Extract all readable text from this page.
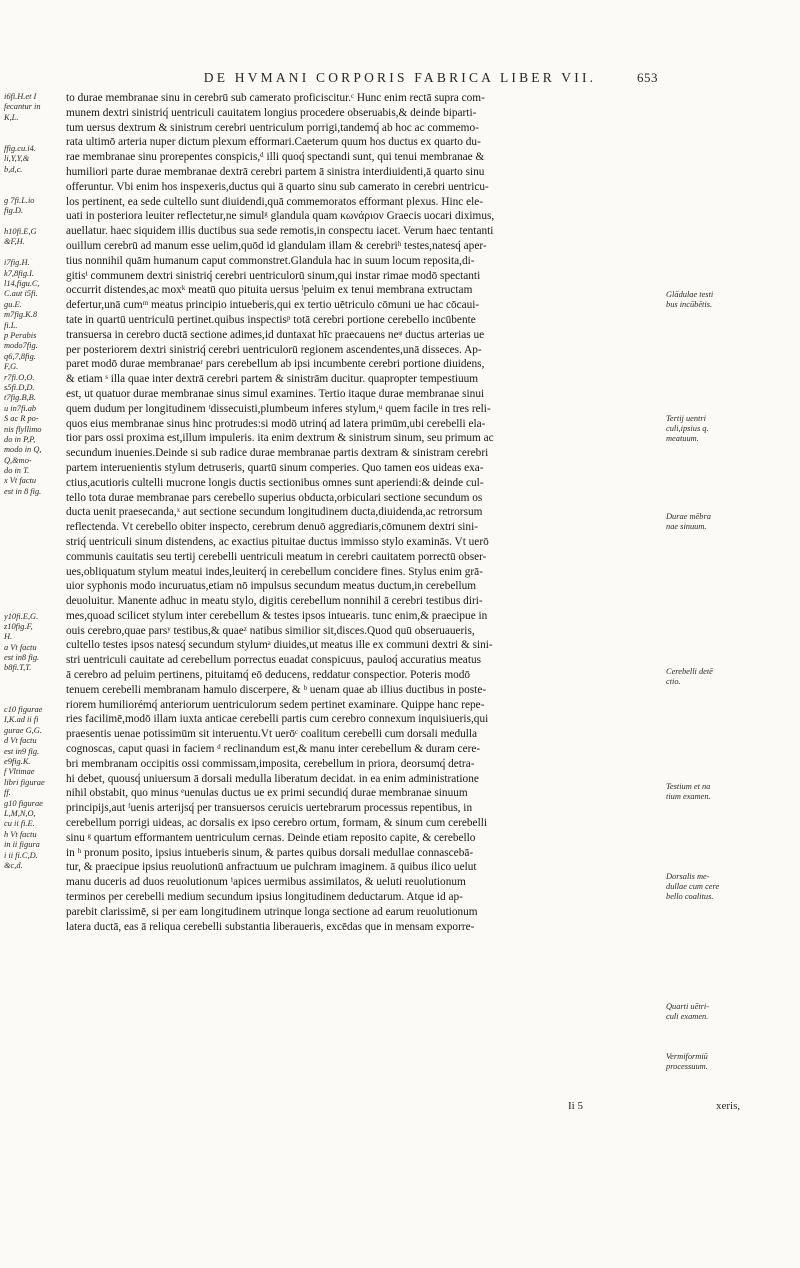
DE HVMANI CORPORIS FABRICA LIBER VII.	653
i6fi.H.et I
fecantur in
K,L.
ffig.cu.i4.
li,Y,Y,&
b,d,c.
g 7fi.L.io
fig.D.
h10fi.E,G
&F,H.
i7fig.H.
k7,8fig.I.
l14,figu.C,
C.aut i5fi.
gu.E.
m7fig.K.8
fi.L.
p Perabis
modo7fig.
q6,7,8fig.
F,G.
r7fi.O,O.
s5fi.D,D.
t7fig.B,B.
u in7fi.ab
S ac R po-
nis flyllimo
do in P,P,
modo in Q,
Q,&mo-
do in T.
x Vt factu
est in 8 fig.
y10fi.E,G.
z10fig.F,
H.
a Vt factu
est in8 fig.
b8fi.T,T.
c10 figurae
I,K.ad ii fi
gurae G,G.
d Vt factu
est in9 fig.
e9fig.K.
f Vltimae
libri figurae
ff.
g10 figurae
L,M,N,O,
cu ii fi.E.
h Vt factu
in ii figura
i ii fi.C,D.
&c,d.
to durae membranae sinu in cerebrū sub camerato proficiscitur.ᶜ Hunc enim rectā supra com-
munem dextri sinistriq́ uentriculi cauitatem longius procedere obseruabis,& deinde biparti-
tum uersus dextrum & sinistrum cerebri uentriculum porrigi,tandemq́ ab hoc ac commemo-
rata ultimō arteria nuper dictum plexum efformari.Caeterum quum hos ductus ex quarto du-
rae membranae sinu prorepentes conspicis,ᵈ illi quoq́ spectandi sunt, qui tenui membranae &
humiliori parte durae membranae dextrā cerebri partem ā sinistra interdiuidenti,ā quarto sinu
offeruntur. Vbi enim hos inspexeris,ductus qui ā quarto sinu sub camerato in cerebri uentricu-
los pertinent, ea sede cultello sunt diuidendi,quā commemoratos efformant plexus. Hinc ele-
uati in posteriora leuiter reflectetur,ne simulᵍ glandula quam κωνάριον Graecis uocari diximus,
auellatur. haec siquidem illis ductibus sua sede remotis,in conspectu iacet. Verum haec tentanti
ouillum cerebrū ad manum esse uelim,quōd id glandulam illam & cerebriʰ testes,natesq́ aper-
tius nonnihil quām humanum caput commonstret.Glandula hac in suum locum reposita,di-
gitisⁱ communem dextri sinistriq́ cerebri uentriculorū sinum,qui instar rimae modō spectanti
occurrit distendes,ac moxᵏ meatū quo pituita uersus ˡpeluim ex tenui membrana extructam
defertur,unā cumᵐ meatus principio intueberis,qui ex tertio uētriculo cōmuni ue hac cōcaui-
tate in quartū uentriculū pertinet.quibus inspectisᵖ totā cerebri portione cerebello incūbente
transuersa in cerebro ductā sectione adimes,id duntaxat hīc praecauens neᵠ ductus arterias ue
per posteriorem dextri sinistriq́ cerebri uentriculorū regionem ascendentes,unā disseces. Ap-
paret modō durae membranaeʳ pars cerebellum ab ipsi incumbente cerebri portione diuidens,
& etiam ˢ illa quae inter dextrā cerebri partem & sinistrām ducitur. quapropter tempestiuum
est, ut quatuor durae membranae sinus simul examines. Tertio itaque durae membranae sinui
quem dudum per longitudinem ᵗdissecuisti,plumbeum inferes stylum,ᵘ quem facile in tres reli-
quos eius membranae sinus hinc protrudes:si modō utrinq́ ad latera primūm,ubi cerebelli ela-
tior pars ossi proxima est,illum impuleris. ita enim dextrum & sinistrum sinum, seu primum ac
secundum inuenies.Deinde si sub radice durae membranae partis dextram & sinistram cerebri
partem interuenientis stylum detruseris, quartū sinum comperies. Quo tamen eos uideas exa-
ctius,acutioris cultelli mucrone longis ductis sectionibus omnes sunt aperiendi:& deinde cul-
tello tota durae membranae pars cerebello superius obducta,orbiculari sectione secundum os
ducta uenit praesecanda,ˣ aut sectione secundum longitudinem ducta,diuidenda,ac retrorsum
reflectenda. Vt cerebello obiter inspecto, cerebrum denuō aggrediaris,cōmunem dextri sini-
striq́ uentriculi sinum distendens, ac exactius pituitae ductus immisso stylo examinās. Vt uerō
communis cauitatis seu tertij cerebelli uentriculi meatum in cerebri cauitatem porrectū obser-
ues,obliquatum stylum meatui indes,leuiterq́ in cerebellum concidere fines. Stylus enim grā-
uior syphonis modo incuruatus,etiam nō impulsus secundum meatus ductum,in cerebellum
deuoluitur. Manente adhuc in meatu stylo, digitis cerebellum nonnihil ā cerebri testibus diri-
mes,quoad scilicet stylum inter cerebellum & testes ipsos intuearis. tunc enim,& praecipue in
ouis cerebro,quae parsʸ testibus,& quaeᶻ natibus similior sit,disces.Quod quū obseruaueris,
cultello testes ipsos natesq́ secundum stylumᵃ diuides,ut meatus ille ex communi dextri & sini-
stri uentriculi cauitate ad cerebellum porrectus euadat conspicuus, pauloq́ accuratius meatus
ā cerebro ad peluim pertinens, pituitamq́ eō deducens, reddatur conspectior. Poteris modō
tenuem cerebelli membranam hamulo discerpere, & ᵇ uenam quae ab illius ductibus in poste-
riorem humiliorémq́ anteriorum uentriculorum sedem pertinet examinare. Quippe hanc repe-
ries facilimē,modō illam iuxta anticae cerebelli partis cum cerebro connexum inquisiueris,qui
praesentis uenae potissimūm sit interuentu.Vt uerōᶜ coalitum cerebelli cum dorsali medulla
cognoscas, caput quasi in faciem ᵈ reclinandum est,& manu inter cerebellum & duram cere-
bri membranam occipitis ossi commissam,imposita, cerebellum in priora, deorsumq́ detra-
hi debet, quousq́ uniuersum ā dorsali medulla liberatum decidat. in ea enim administratione
nihil obstabit, quo minus ᵉuenulas ductus ue ex primi secundiq́ durae membranae sinuum
principijs,aut ᶠuenis arterijsq́ per transuersos ceruicis uertebrarum processus repentibus, in
cerebellum porrigi uideas, ac dorsalis ex ipso cerebro ortum, formam, & sinum cum cerebelli
sinu ᵍ quartum efformantem uentriculum cernas. Deinde etiam reposito capite, & cerebello
in ʰ pronum posito, ipsius intueberis sinum, & partes quibus dorsali medullae connascebā-
tur, & praecipue ipsius reuolutionū anfractuum ue pulchram imaginem. ā quibus ilico uelut
manu duceris ad duos reuolutionum ⁱapices uermibus assimilatos, & ueluti reuolutionum
terminos per cerebelli medium secundum ipsius longitudinem deductarum. Atque id ap-
parebit clarissimē, si per eam longitudinem utrinque longa sectione ad earum reuolutionum
latera ductā, eas ā reliqua cerebelli substantia liberaueris, excēdas que in mensam exporre-
Glādulae testi
bus incūbētis.
Tertij uentri
culi,ipsius q.
meatuum.
Durae mēbra
nae sinuum.
Cerebelli detē
ctio.
Testium et na
tium examen.
Dorsalis me-
dullae cum cere
bello coalitus.
Quarti uētri-
culi examen.
Vermiformiū
processuum.
Ii 5	xeris,
